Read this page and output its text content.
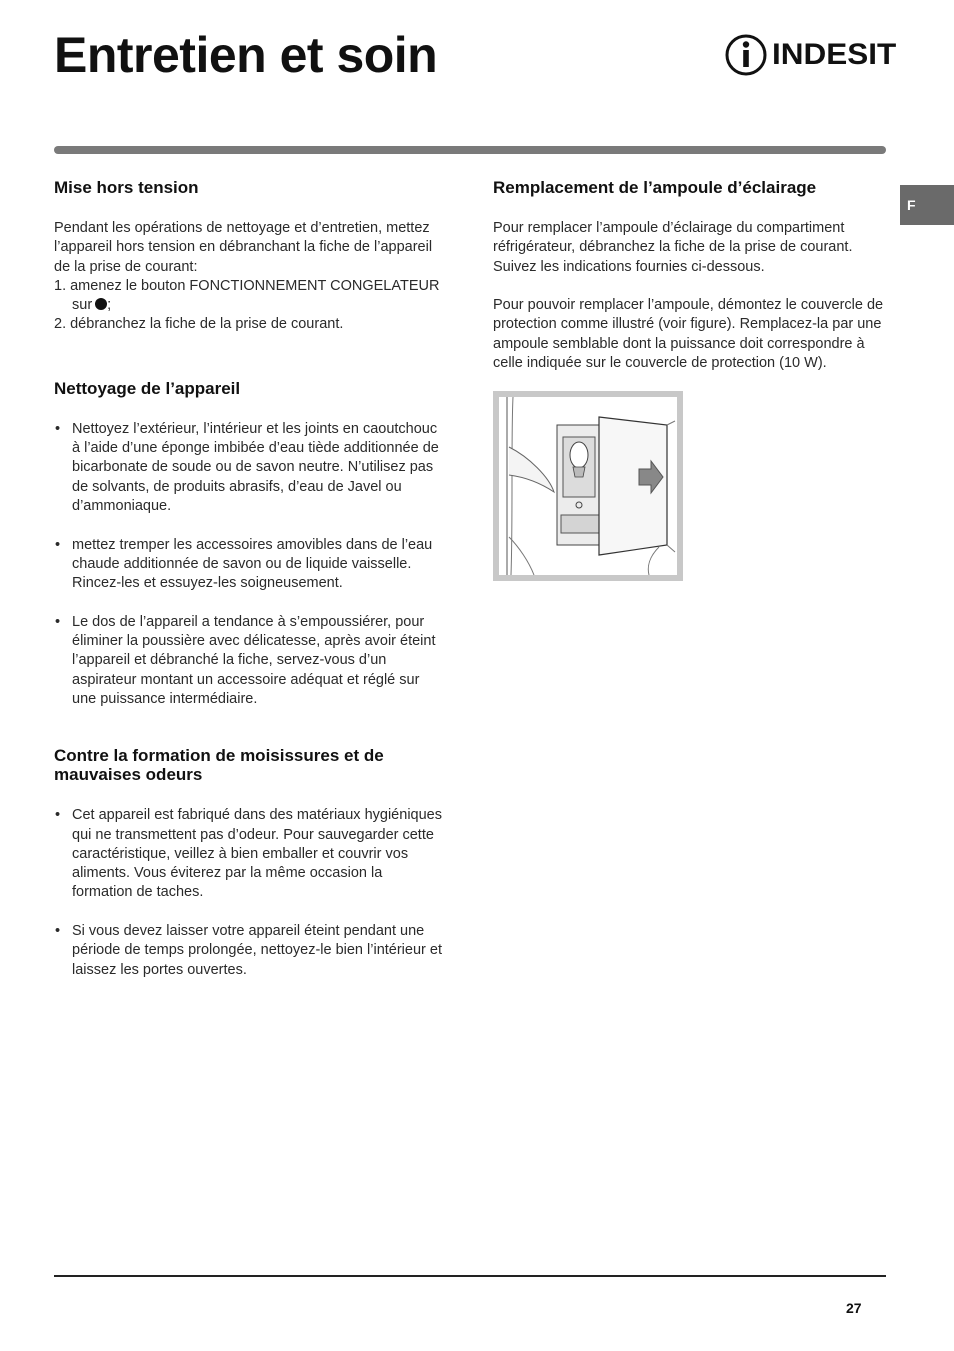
Entretien et soin	INDESIT
F
Mise hors tension

Pendant les opérations de nettoyage et d’entretien, mettez l’appareil hors tension en débranchant la fiche de l’appareil de la prise de courant:

1. amenez le bouton FONCTIONNEMENT CONGELATEUR sur ;
2. débranchez la fiche de la prise de courant.
Nettoyage de l’appareil
• Nettoyez l’extérieur, l’intérieur et les joints en caoutchouc à l’aide d’une éponge imbibée d’eau tiède additionnée de bicarbonate de soude ou de savon neutre. N’utilisez pas de solvants, de produits abrasifs, d’eau de Javel ou d’ammoniaque.
• mettez tremper les accessoires amovibles dans de l’eau chaude additionnée de savon ou de liquide vaisselle. Rincez-les et essuyez-les soigneusement.
• Le dos de l’appareil a tendance à s’empoussiérer, pour éliminer la poussière avec délicatesse, après avoir éteint l’appareil et débranché la fiche, servez-vous d’un aspirateur montant un accessoire adéquat et réglé sur une puissance intermédiaire.
Contre la formation de moisissures et de mauvaises odeurs
• Cet appareil est fabriqué dans des matériaux hygiéniques qui ne transmettent pas d’odeur. Pour sauvegarder cette caractéristique, veillez à bien emballer et couvrir vos aliments. Vous éviterez par la même occasion la formation de taches.
• Si vous devez laisser votre appareil éteint pendant une période de temps prolongée, nettoyez-le bien l’intérieur et laissez les portes ouvertes.
Remplacement de l’ampoule d’éclairage

Pour remplacer l’ampoule d’éclairage du compartiment réfrigérateur, débranchez la fiche de la prise de courant. Suivez les indications fournies ci-dessous.

Pour pouvoir remplacer l’ampoule, démontez le couvercle de protection comme illustré (voir figure). Remplacez-la par une ampoule semblable dont la puissance doit correspondre à celle indiquée sur le couvercle de protection (10 W).

27
